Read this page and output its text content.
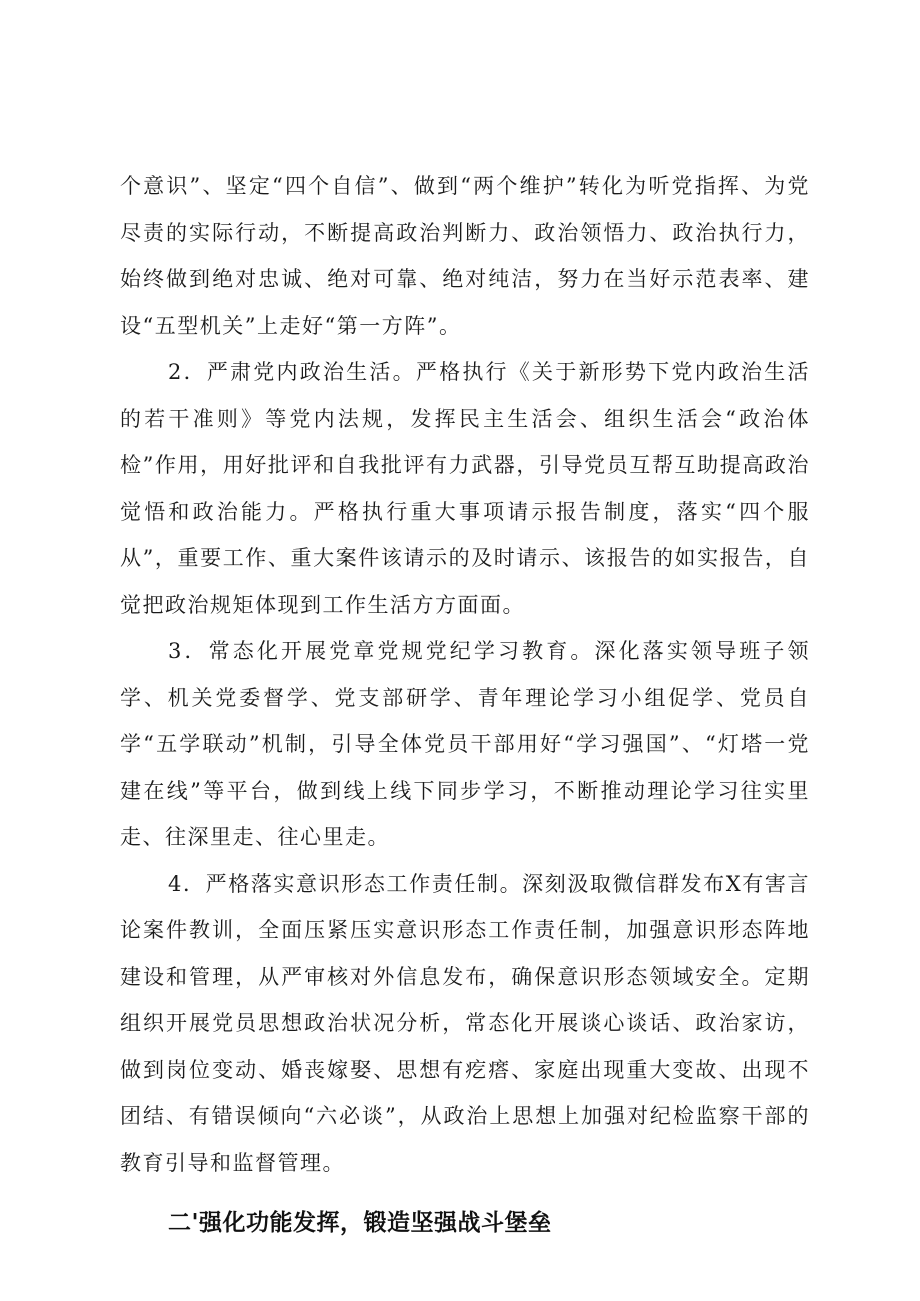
个意识”、坚定“四个自信”、做到“两个维护”转化为听党指挥、为党尽责的实际行动，不断提高政治判断力、政治领悟力、政治执行力，始终做到绝对忠诚、绝对可靠、绝对纯洁，努力在当好示范表率、建设“五型机关”上走好“第一方阵”。

2．严肃党内政治生活。严格执行《关于新形势下党内政治生活的若干准则》等党内法规，发挥民主生活会、组织生活会“政治体检”作用，用好批评和自我批评有力武器，引导党员互帮互助提高政治觉悟和政治能力。严格执行重大事项请示报告制度，落实“四个服从”，重要工作、重大案件该请示的及时请示、该报告的如实报告，自觉把政治规矩体现到工作生活方方面面。

3．常态化开展党章党规党纪学习教育。深化落实领导班子领学、机关党委督学、党支部研学、青年理论学习小组促学、党员自学“五学联动”机制，引导全体党员干部用好“学习强国”、“灯塔一党建在线”等平台，做到线上线下同步学习，不断推动理论学习往实里走、往深里走、往心里走。

4．严格落实意识形态工作责任制。深刻汲取微信群发布X有害言论案件教训，全面压紧压实意识形态工作责任制，加强意识形态阵地建设和管理，从严审核对外信息发布，确保意识形态领域安全。定期组织开展党员思想政治状况分析，常态化开展谈心谈话、政治家访，做到岗位变动、婚丧嫁娶、思想有疙瘩、家庭出现重大变故、出现不团结、有错误倾向“六必谈”，从政治上思想上加强对纪检监察干部的教育引导和监督管理。

二'强化功能发挥，锻造坚强战斗堡垒
